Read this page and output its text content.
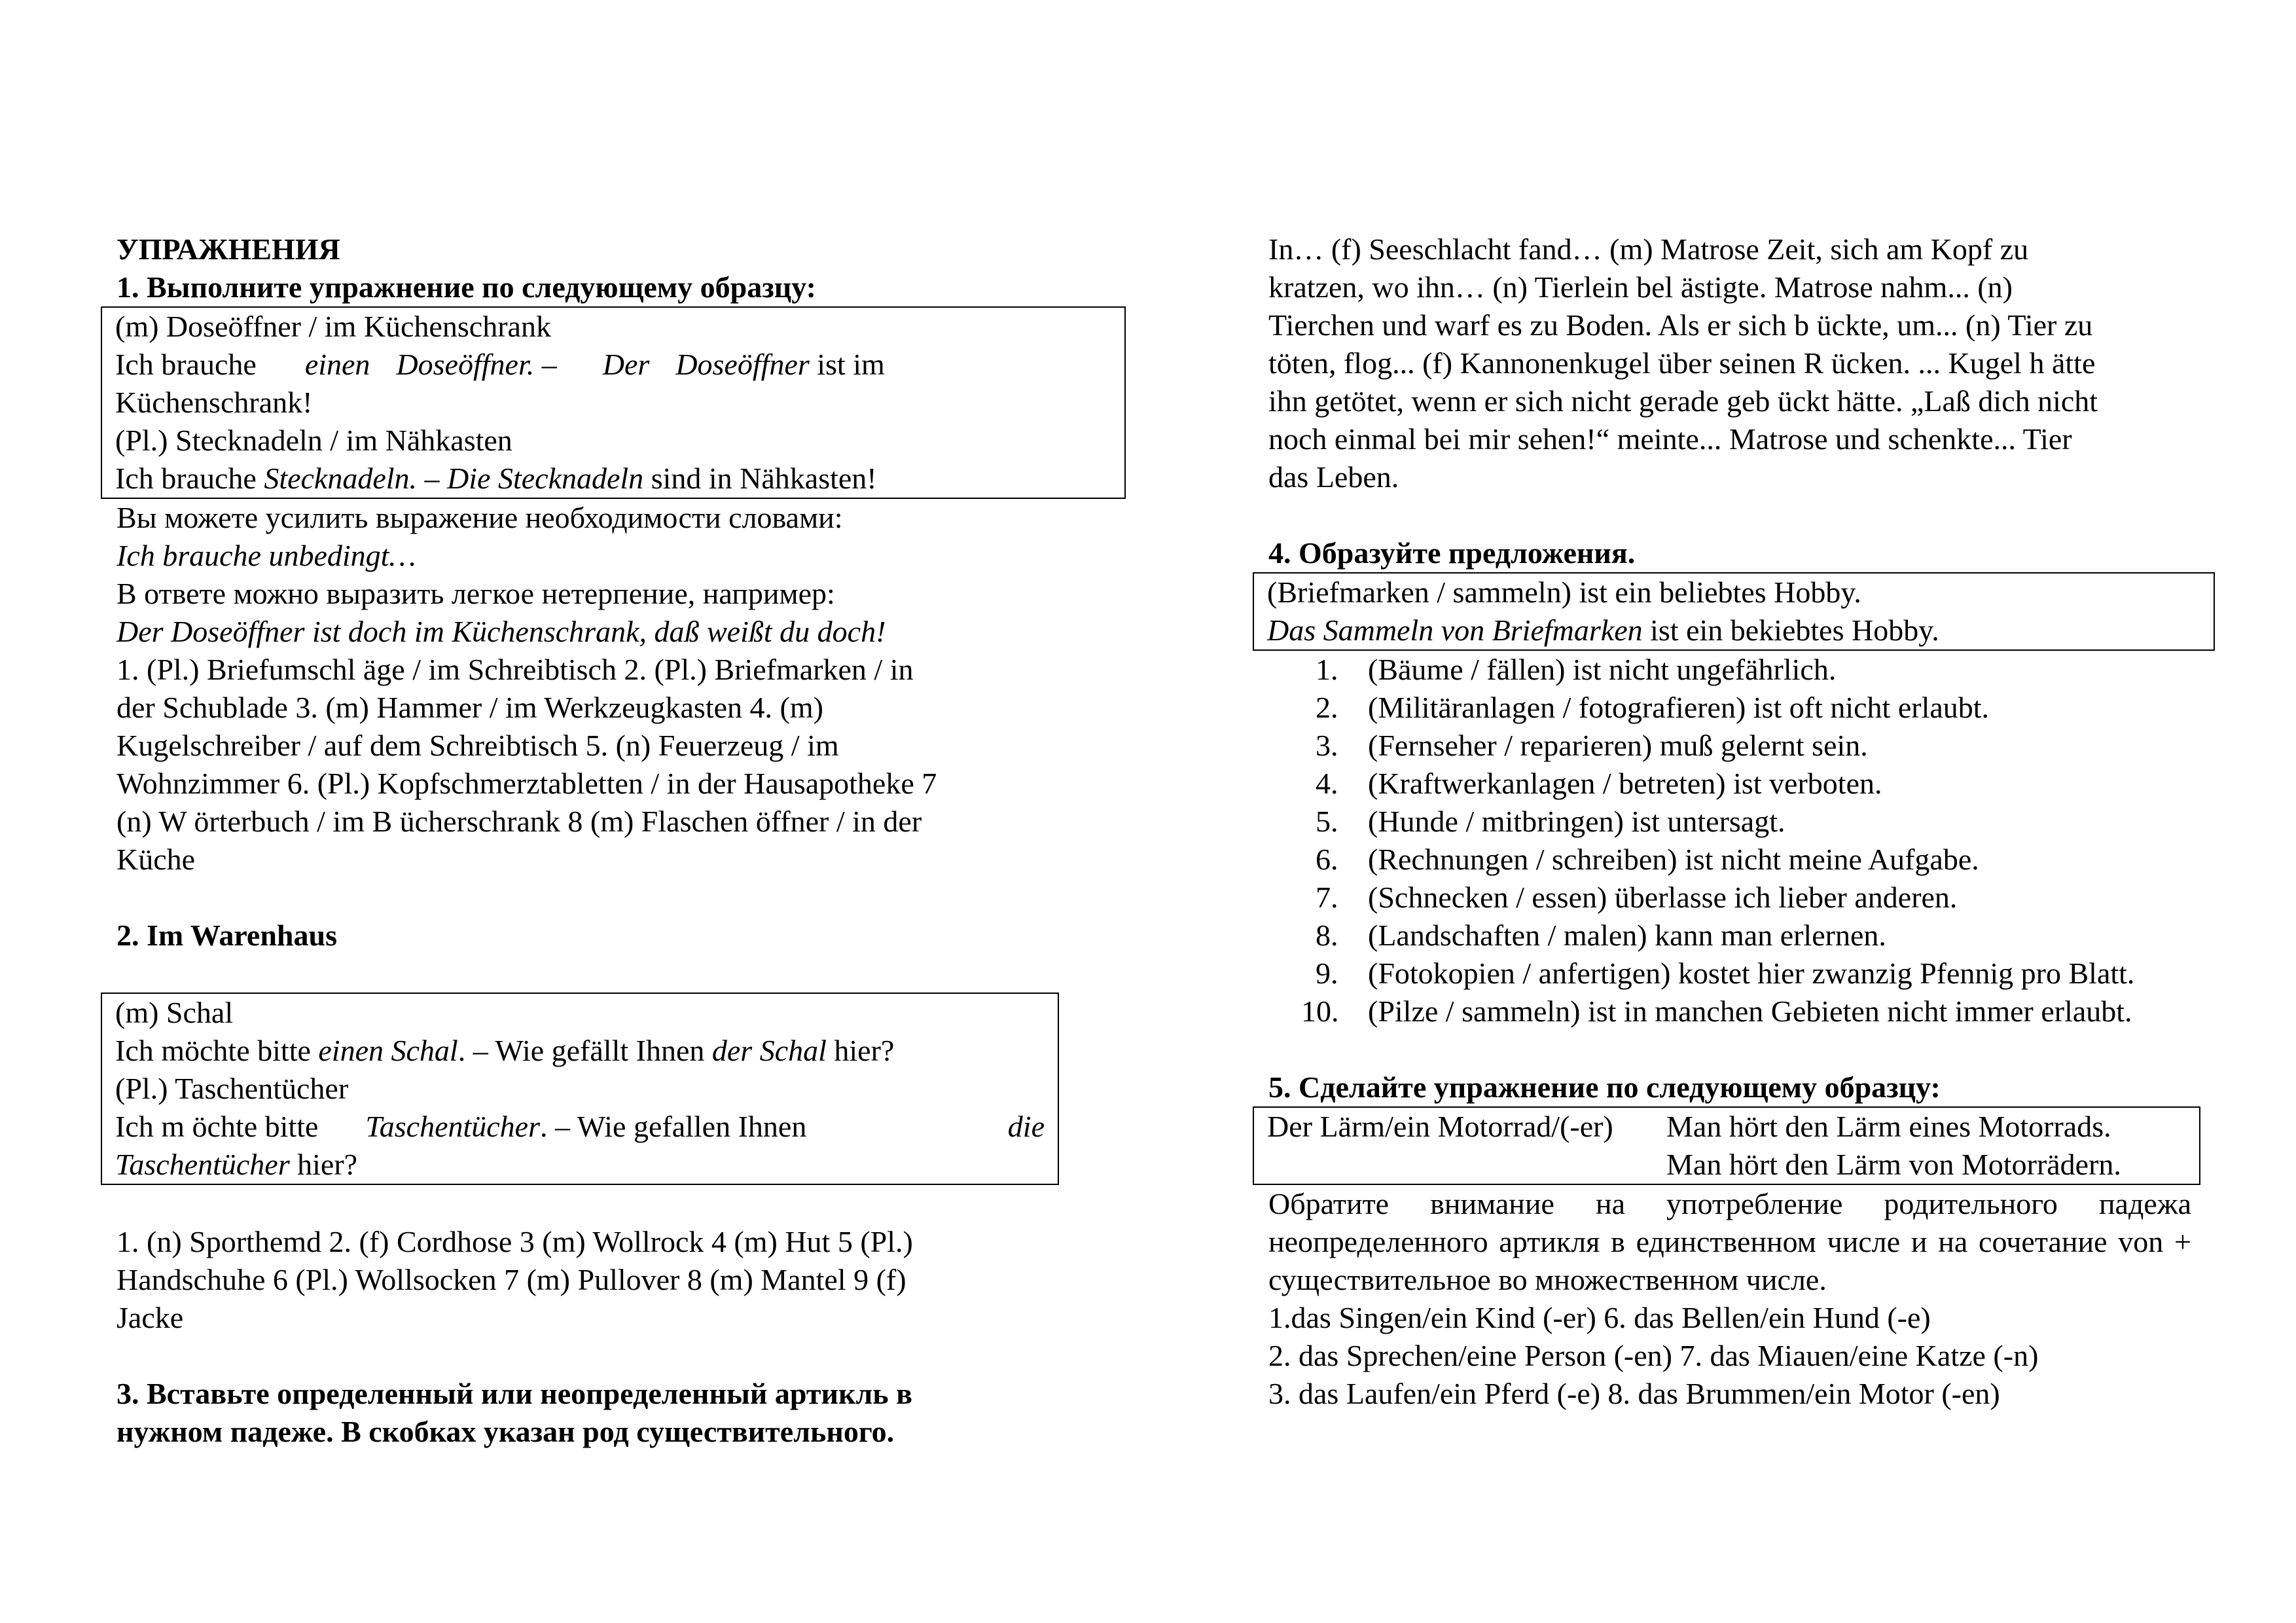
УПРАЖНЕНИЯ
1. Выполните упражнение по следующему образцу:
(m) Doseöffner / im Küchenschrank
Ich brauche einen Doseöffner. – Der Doseöffner ist im
Küchenschrank!
(Pl.) Stecknadeln / im Nähkasten
Ich brauche Stecknadeln. – Die Stecknadeln sind in Nähkasten!
Вы можете усилить выражение необходимости словами:
Ich brauche unbedingt…
В ответе можно выразить легкое нетерпение, например:
Der Doseöffner ist doch im Küchenschrank, daß weißt du doch!
1. (Pl.) Briefumschl äge / im Schreibtisch 2. (Pl.) Briefmarken / in
der Schublade 3. (m) Hammer / im Werkzeugkasten 4. (m)
Kugelschreiber / auf dem Schreibtisch 5. (n) Feuerzeug / im
Wohnzimmer 6. (Pl.) Kopfschmerztabletten / in der Hausapotheke 7
(n) W örterbuch / im B ücherschrank 8 (m) Flaschen öffner / in der
Küche
2. Im Warenhaus
(m) Schal
Ich möchte bitte einen Schal. – Wie gefällt Ihnen der Schal hier?
(Pl.) Taschentücher
Ich m öchte bitte Taschentücher. – Wie gefallen Ihnen	die
Taschentücher hier?
1. (n) Sporthemd 2. (f) Cordhose 3 (m) Wollrock 4 (m) Hut 5 (Pl.)
Handschuhe 6 (Pl.) Wollsocken 7 (m) Pullover 8 (m) Mantel 9 (f)
Jacke
3. Вставьте определенный или неопределенный артикль в
нужном падеже. В скобках указан род существительного.
In… (f) Seeschlacht fand… (m) Matrose Zeit, sich am Kopf zu
kratzen, wo ihn… (n) Tierlein bel ästigte. Matrose nahm... (n)
Tierchen und warf es zu Boden. Als er sich b ückte, um... (n) Tier zu
töten, flog... (f) Kannonenkugel über seinen R ücken. ... Kugel h ätte
ihn getötet, wenn er sich nicht gerade geb ückt hätte. „Laß dich nicht
noch einmal bei mir sehen!“ meinte... Matrose und schenkte... Tier
das Leben.
4. Образуйте предложения.
(Briefmarken / sammeln) ist ein beliebtes Hobby.
Das Sammeln von Briefmarken ist ein bekiebtes Hobby.
1. (Bäume / fällen) ist nicht ungefährlich.
2. (Militäranlagen / fotografieren) ist oft nicht erlaubt.
3. (Fernseher / reparieren) muß gelernt sein.
4. (Kraftwerkanlagen / betreten) ist verboten.
5. (Hunde / mitbringen) ist untersagt.
6. (Rechnungen / schreiben) ist nicht meine Aufgabe.
7. (Schnecken / essen) überlasse ich lieber anderen.
8. (Landschaften / malen) kann man erlernen.
9. (Fotokopien / anfertigen) kostet hier zwanzig Pfennig pro Blatt.
10. (Pilze / sammeln) ist in manchen Gebieten nicht immer erlaubt.
5. Сделайте упражнение по следующему образцу:
Der Lärm/ein Motorrad/(-er)	Man hört den Lärm eines Motorrads.
Man hört den Lärm von Motorrädern.
Обратите внимание на употребление родительного падежа неопределенного артикля в единственном числе и на сочетание von + существительное во множественном числе.
1.das Singen/ein Kind (-er) 6. das Bellen/ein Hund (-e)
2. das Sprechen/eine Person (-en) 7. das Miauen/eine Katze (-n)
3. das Laufen/ein Pferd (-e) 8. das Brummen/ein Motor (-en)
